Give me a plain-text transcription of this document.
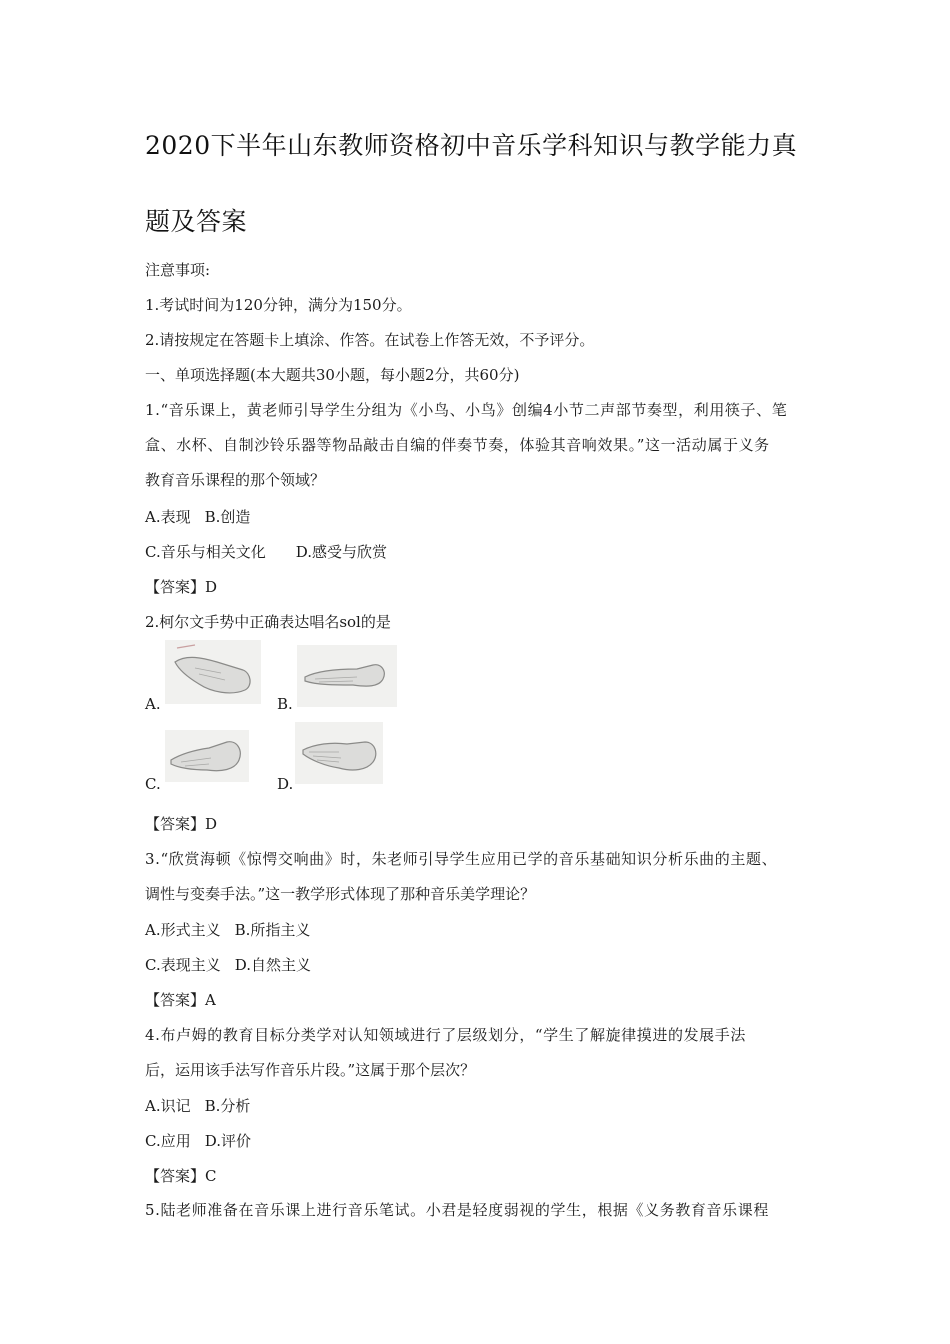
2020下半年山东教师资格初中音乐学科知识与教学能力真
题及答案
注意事项:
1.考试时间为120分钟，满分为150分。
2.请按规定在答题卡上填涂、作答。在试卷上作答无效，不予评分。
一、单项选择题(本大题共30小题，每小题2分，共60分)
1.“音乐课上，黄老师引导学生分组为《小鸟、小鸟》创编4小节二声部节奏型，利用筷子、笔
盒、水杯、自制沙铃乐器等物品敲击自编的伴奏节奏，体验其音响效果。”这一活动属于义务
教育音乐课程的那个领域？
A.表现 B.创造
C.音乐与相关文化 D.感受与欣赏
【答案】D
2.柯尔文手势中正确表达唱名sol的是
A.	B.
C.	D.
【答案】D
3.“欣赏海顿《惊愕交响曲》时，朱老师引导学生应用已学的音乐基础知识分析乐曲的主题、
调性与变奏手法。”这一教学形式体现了那种音乐美学理论？
A.形式主义 B.所指主义
C.表现主义 D.自然主义
【答案】A
4.布卢姆的教育目标分类学对认知领域进行了层级划分，“学生了解旋律摸进的发展手法
后，运用该手法写作音乐片段。”这属于那个层次？
A.识记 B.分析
C.应用 D.评价
【答案】C
5.陆老师准备在音乐课上进行音乐笔试。小君是轻度弱视的学生，根据《义务教育音乐课程
